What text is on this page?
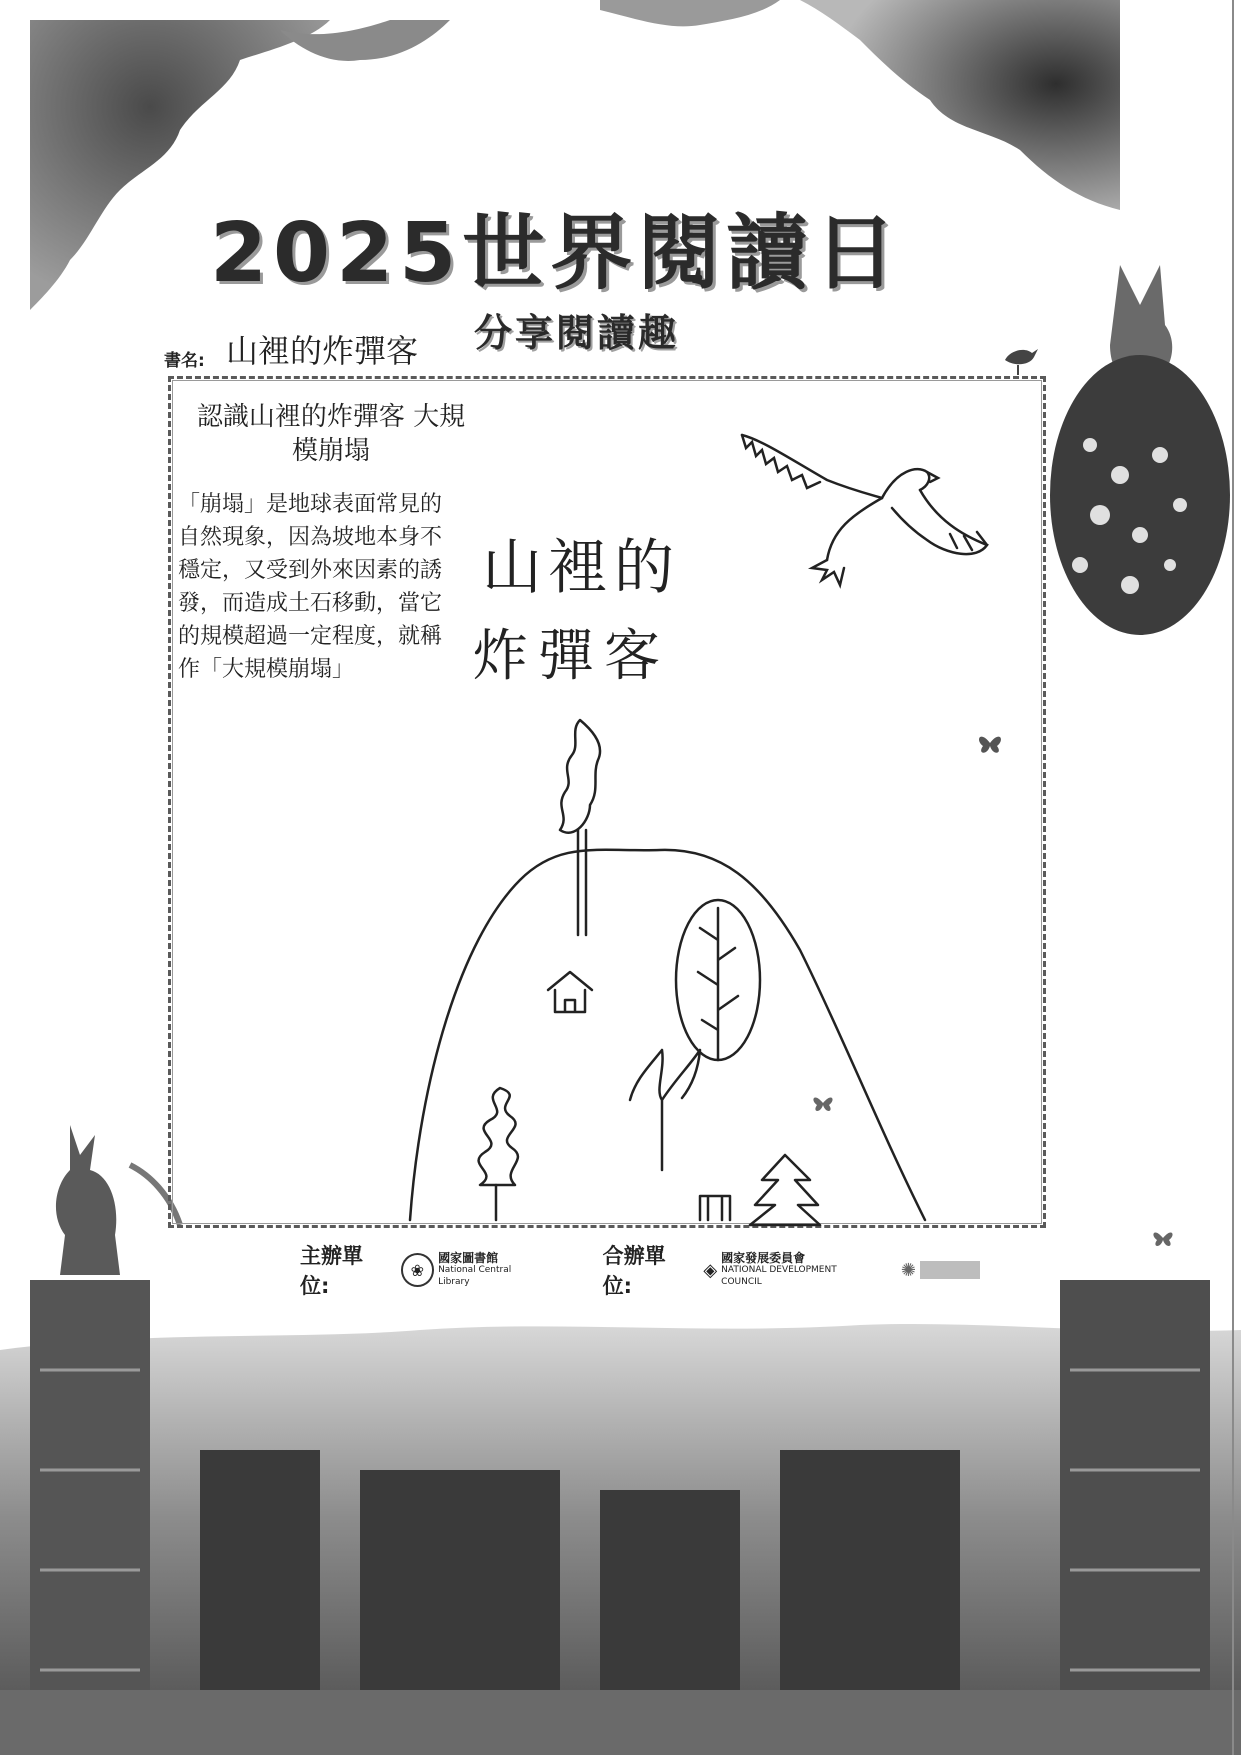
2025世界閱讀日
分享閱讀趣
書名: 山裡的炸彈客
認識山裡的炸彈客 大規模崩塌
「崩塌」是地球表面常見的自然現象，因為坡地本身不穩定，又受到外來因素的誘發，而造成土石移動，當它的規模超過一定程度，就稱作「大規模崩塌」
山裡的
炸彈客
主辦單位:
❀
國家圖書館
National Central Library
合辦單位:
◈
國家發展委員會
NATIONAL DEVELOPMENT COUNCIL
✺
